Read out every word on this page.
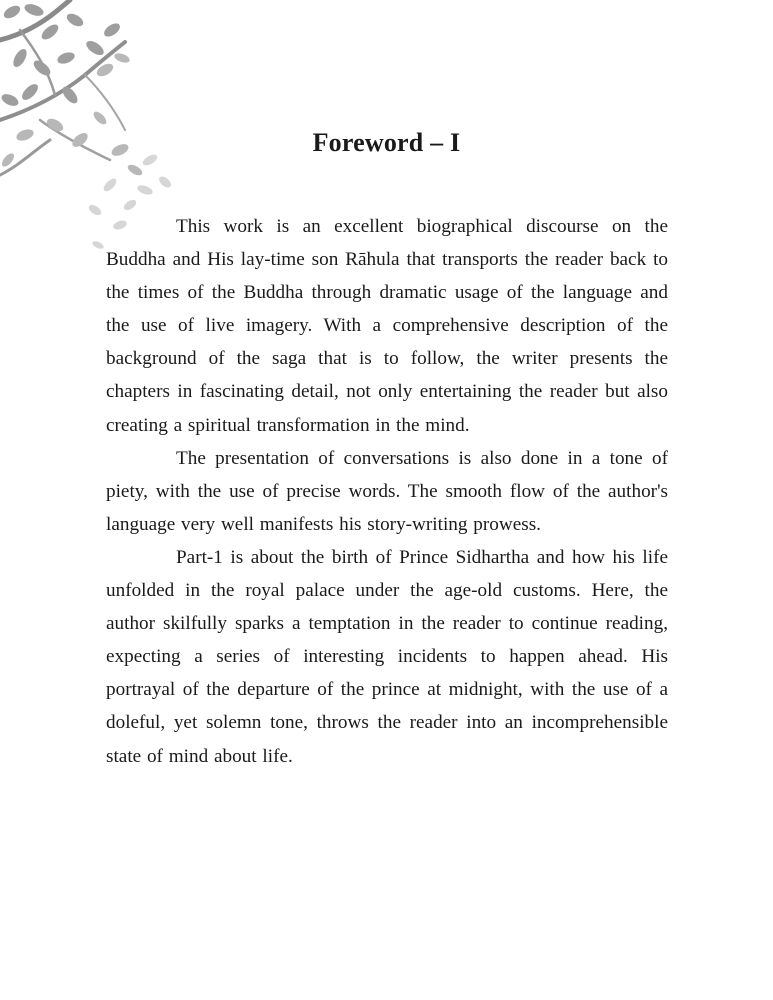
Foreword – I

This work is an excellent biographical discourse on the Buddha and His lay-time son Rāhula that transports the reader back to the times of the Buddha through dramatic usage of the language and the use of live imagery. With a comprehensive description of the background of the saga that is to follow, the writer presents the chapters in fascinating detail, not only entertaining the reader but also creating a spiritual transformation in the mind.

The presentation of conversations is also done in a tone of piety, with the use of precise words. The smooth flow of the author's language very well manifests his story-writing prowess.

Part-1 is about the birth of Prince Sidhartha and how his life unfolded in the royal palace under the age-old customs. Here, the author skilfully sparks a temptation in the reader to continue reading, expecting a series of interesting incidents to happen ahead. His portrayal of the departure of the prince at midnight, with the use of a doleful, yet solemn tone, throws the reader into an incomprehensible state of mind about life.
